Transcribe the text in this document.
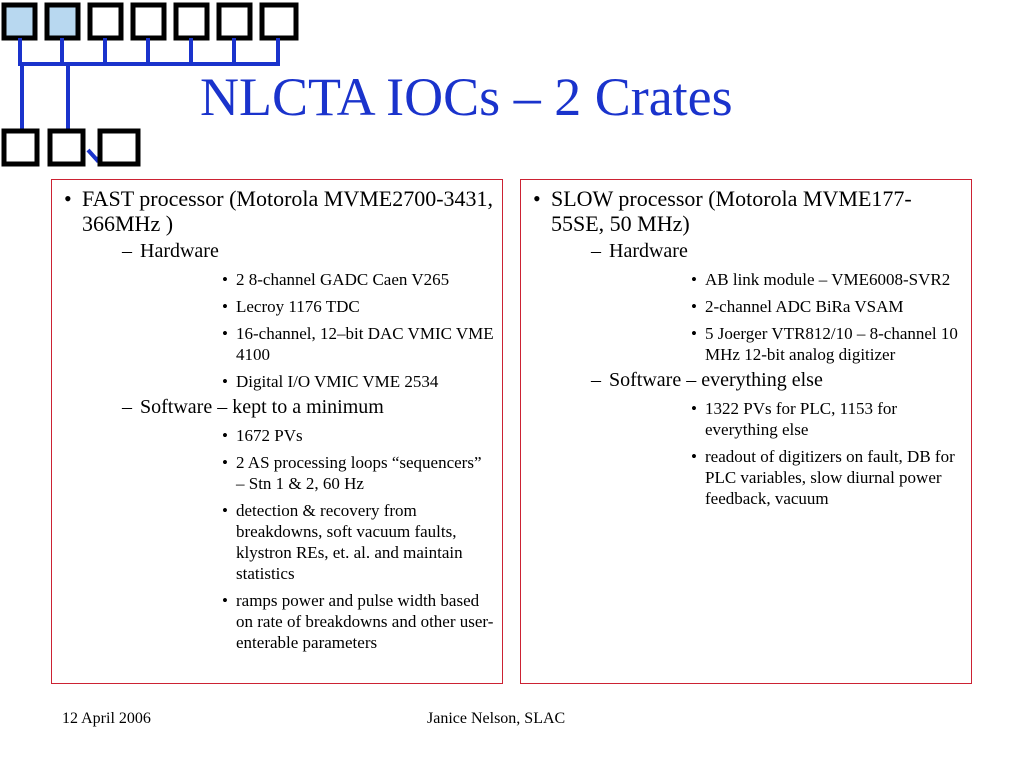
NLCTA IOCs – 2 Crates
• FAST processor (Motorola MVME2700-3431, 366MHz )
– Hardware
• 2 8-channel GADC Caen V265
• Lecroy 1176 TDC
• 16-channel, 12–bit DAC VMIC VME 4100
• Digital I/O VMIC VME 2534
– Software – kept to a minimum
• 1672 PVs
• 2 AS processing loops “sequencers” – Stn 1 & 2, 60 Hz
• detection & recovery from breakdowns, soft vacuum faults, klystron REs, et. al. and maintain statistics
• ramps power and pulse width based on rate of breakdowns and other user-enterable parameters
• SLOW processor (Motorola MVME177-55SE, 50 MHz)
– Hardware
• AB link module – VME6008-SVR2
• 2-channel ADC BiRa VSAM
• 5 Joerger VTR812/10 – 8-channel 10 MHz 12-bit analog digitizer
– Software – everything else
• 1322 PVs for PLC, 1153 for everything else
• readout of digitizers on fault, DB for PLC variables, slow diurnal power feedback, vacuum
12 April 2006	Janice Nelson, SLAC
